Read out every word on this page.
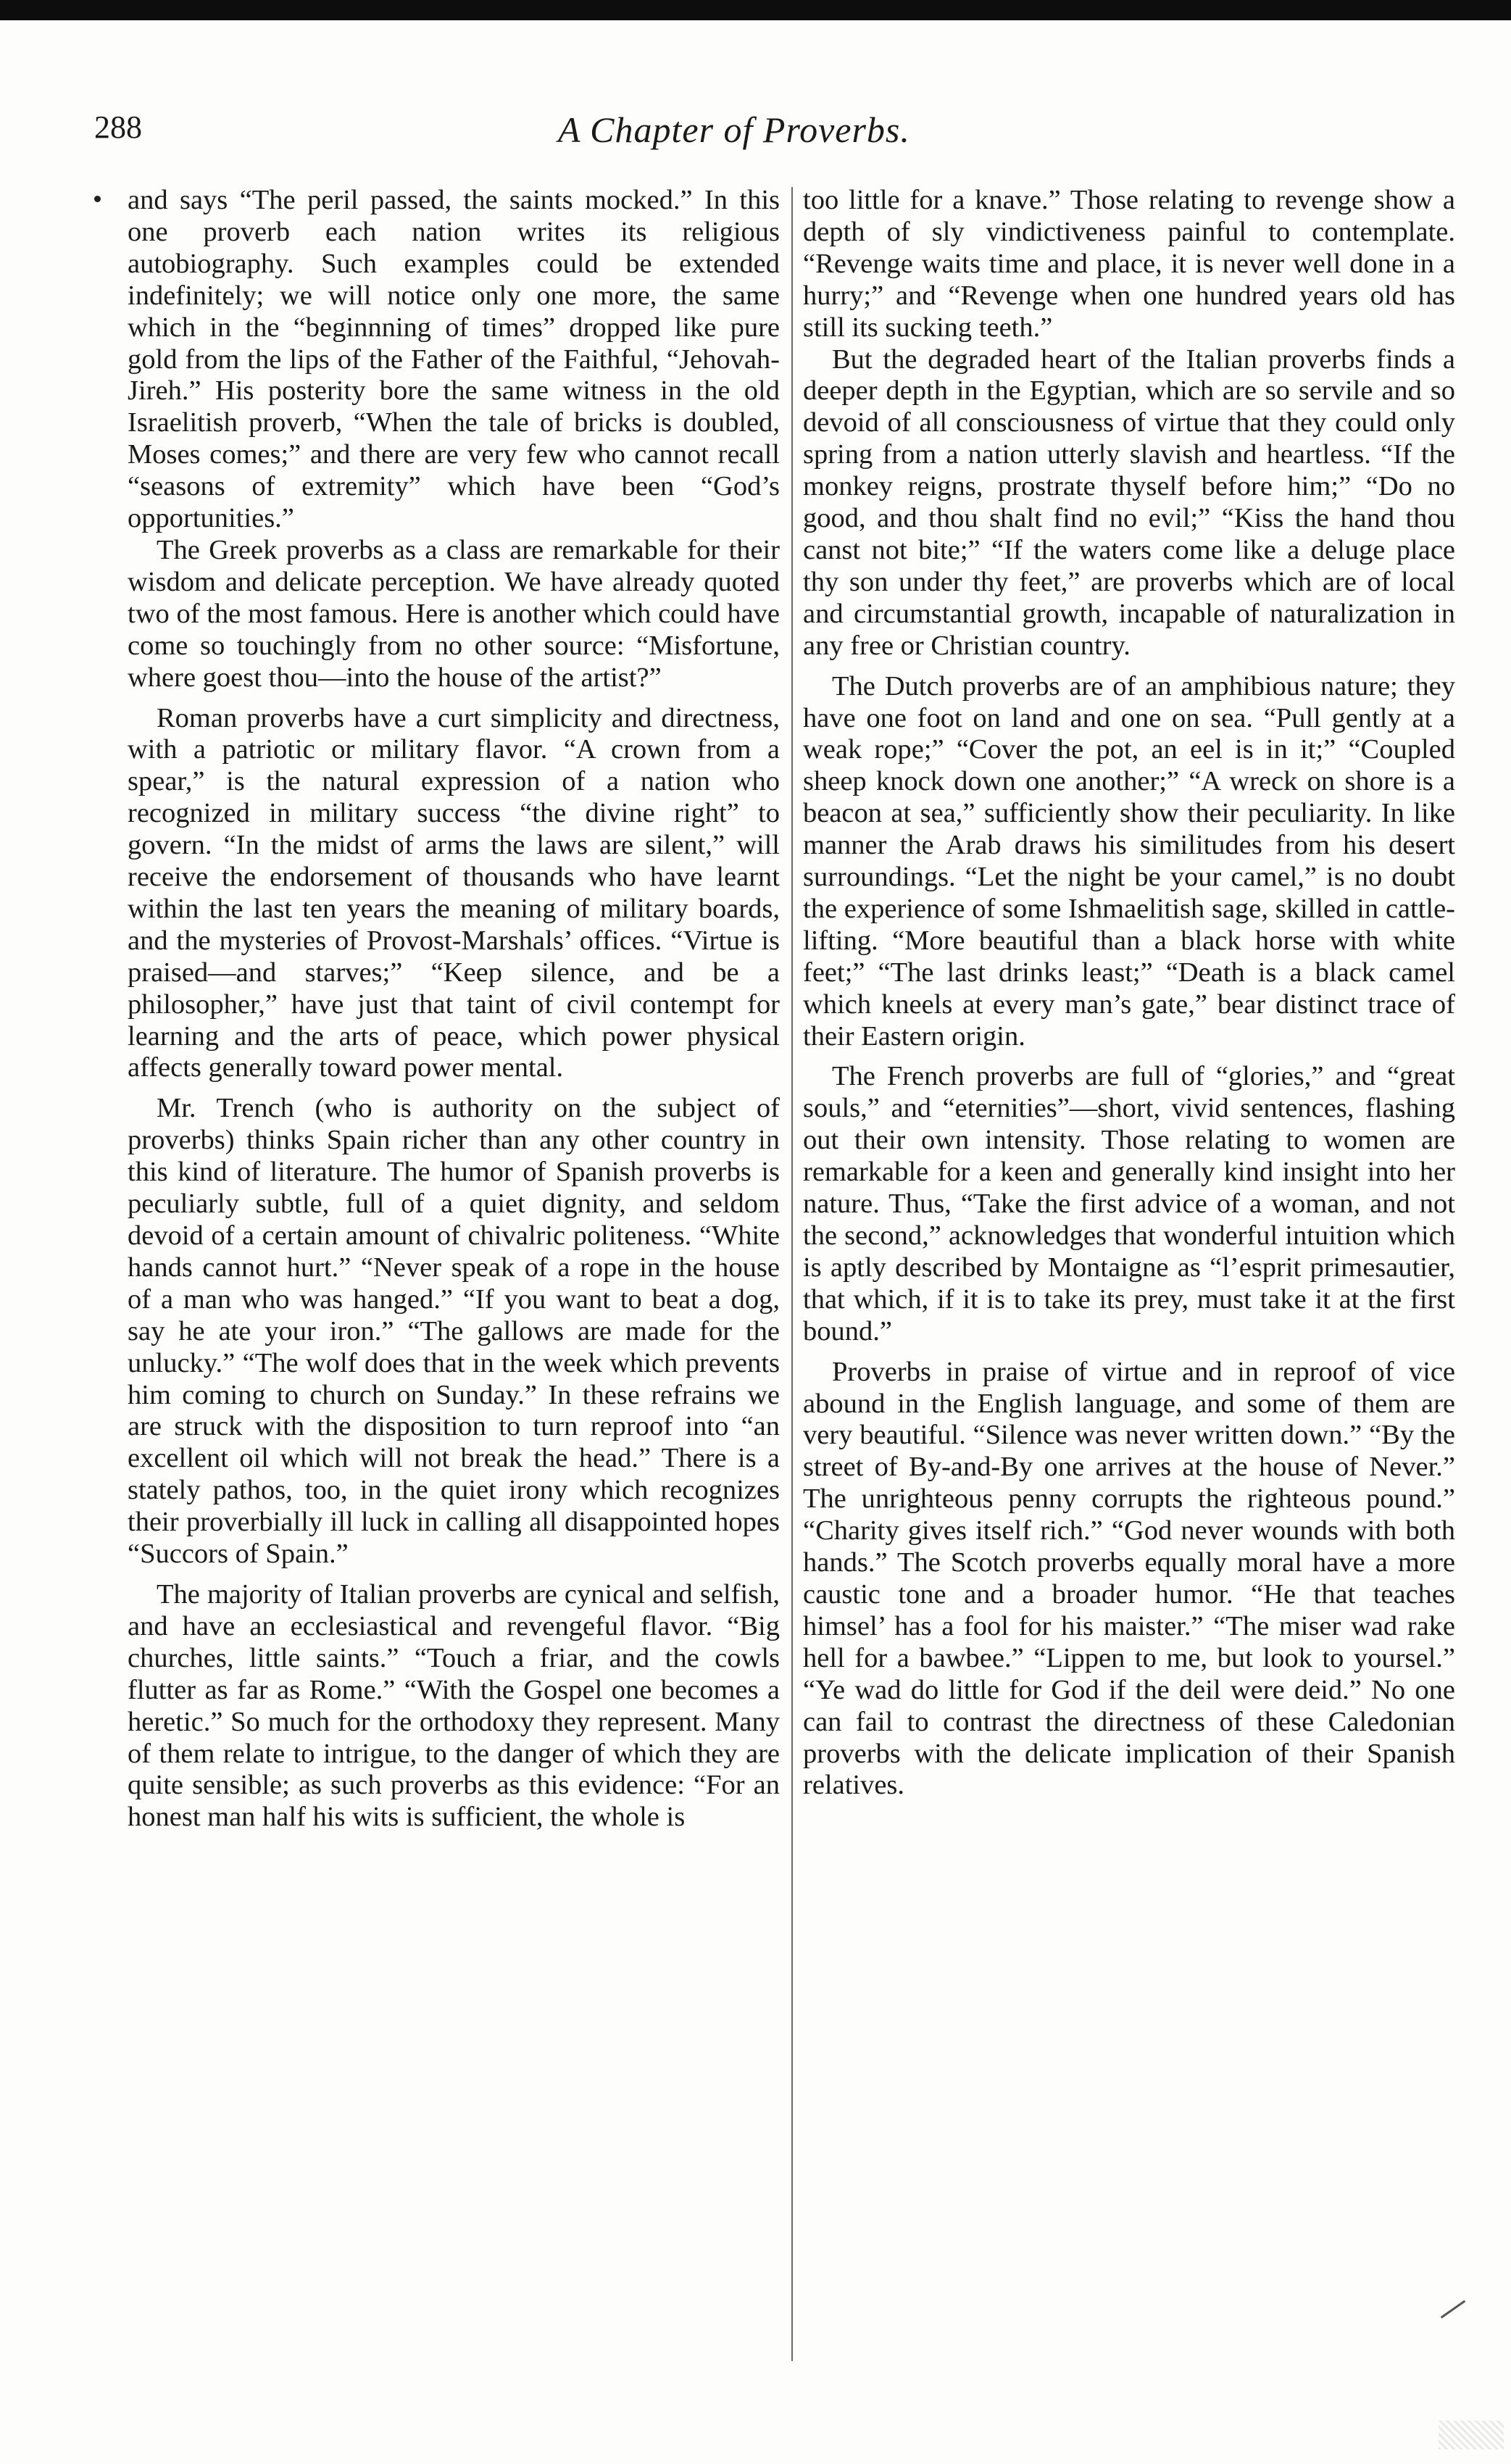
288	A Chapter of Proverbs.

and says “The peril passed, the saints mocked.” In this one proverb each nation writes its religious autobiography. Such examples could be extended indefinitely; we will notice only one more, the same which in the “beginnning of times” dropped like pure gold from the lips of the Father of the Faithful, “Jehovah-Jireh.” His posterity bore the same witness in the old Israelitish proverb, “When the tale of bricks is doubled, Moses comes;” and there are very few who cannot recall “seasons of extremity” which have been “God’s opportunities.”

The Greek proverbs as a class are remarkable for their wisdom and delicate perception. We have already quoted two of the most famous. Here is another which could have come so touchingly from no other source: “Misfortune, where goest thou—into the house of the artist?”

Roman proverbs have a curt simplicity and directness, with a patriotic or military flavor. “A crown from a spear,” is the natural expression of a nation who recognized in military success “the divine right” to govern. “In the midst of arms the laws are silent,” will receive the endorsement of thousands who have learnt within the last ten years the meaning of military boards, and the mysteries of Provost-Marshals’ offices. “Virtue is praised—and starves;” “Keep silence, and be a philosopher,” have just that taint of civil contempt for learning and the arts of peace, which power physical affects generally toward power mental.

Mr. Trench (who is authority on the subject of proverbs) thinks Spain richer than any other country in this kind of literature. The humor of Spanish proverbs is peculiarly subtle, full of a quiet dignity, and seldom devoid of a certain amount of chivalric politeness. “White hands cannot hurt.” “Never speak of a rope in the house of a man who was hanged.” “If you want to beat a dog, say he ate your iron.” “The gallows are made for the unlucky.” “The wolf does that in the week which prevents him coming to church on Sunday.” In these refrains we are struck with the disposition to turn reproof into “an excellent oil which will not break the head.” There is a stately pathos, too, in the quiet irony which recognizes their proverbially ill luck in calling all disappointed hopes “Succors of Spain.”

The majority of Italian proverbs are cynical and selfish, and have an ecclesiastical and revengeful flavor. “Big churches, little saints.” “Touch a friar, and the cowls flutter as far as Rome.” “With the Gospel one becomes a heretic.” So much for the orthodoxy they represent. Many of them relate to intrigue, to the danger of which they are quite sensible; as such proverbs as this evidence: “For an honest man half his wits is sufficient, the whole is

too little for a knave.” Those relating to revenge show a depth of sly vindictiveness painful to contemplate. “Revenge waits time and place, it is never well done in a hurry;” and “Revenge when one hundred years old has still its sucking teeth.”

But the degraded heart of the Italian proverbs finds a deeper depth in the Egyptian, which are so servile and so devoid of all consciousness of virtue that they could only spring from a nation utterly slavish and heartless. “If the monkey reigns, prostrate thyself before him;” “Do no good, and thou shalt find no evil;” “Kiss the hand thou canst not bite;” “If the waters come like a deluge place thy son under thy feet,” are proverbs which are of local and circumstantial growth, incapable of naturalization in any free or Christian country.

The Dutch proverbs are of an amphibious nature; they have one foot on land and one on sea. “Pull gently at a weak rope;” “Cover the pot, an eel is in it;” “Coupled sheep knock down one another;” “A wreck on shore is a beacon at sea,” sufficiently show their peculiarity. In like manner the Arab draws his similitudes from his desert surroundings. “Let the night be your camel,” is no doubt the experience of some Ishmaelitish sage, skilled in cattle-lifting. “More beautiful than a black horse with white feet;” “The last drinks least;” “Death is a black camel which kneels at every man’s gate,” bear distinct trace of their Eastern origin.

The French proverbs are full of “glories,” and “great souls,” and “eternities”—short, vivid sentences, flashing out their own intensity. Those relating to women are remarkable for a keen and generally kind insight into her nature. Thus, “Take the first advice of a woman, and not the second,” acknowledges that wonderful intuition which is aptly described by Montaigne as “l’esprit primesautier, that which, if it is to take its prey, must take it at the first bound.”

Proverbs in praise of virtue and in reproof of vice abound in the English language, and some of them are very beautiful. “Silence was never written down.” “By the street of By-and-By one arrives at the house of Never.” The unrighteous penny corrupts the righteous pound.” “Charity gives itself rich.” “God never wounds with both hands.” The Scotch proverbs equally moral have a more caustic tone and a broader humor. “He that teaches himsel’ has a fool for his maister.” “The miser wad rake hell for a bawbee.” “Lippen to me, but look to yoursel.” “Ye wad do little for God if the deil were deid.” No one can fail to contrast the directness of these Caledonian proverbs with the delicate implication of their Spanish relatives.
